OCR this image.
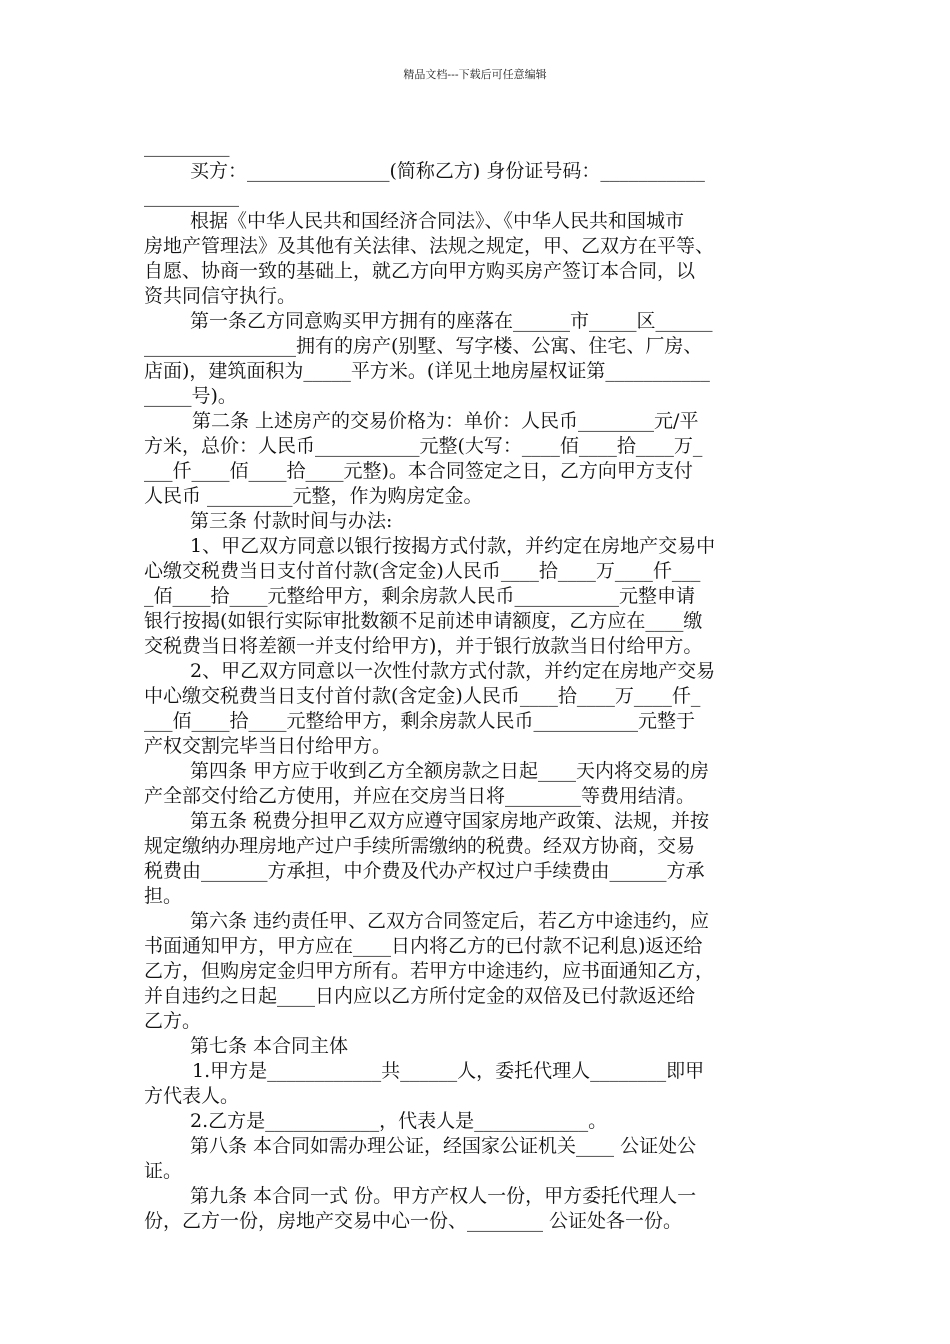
精品文档---下载后可任意编辑

_________

买方：_______________(简称乙方) 身份证号码：___________

__________

根据《中华人民共和国经济合同法》、《中华人民共和国城市

房地产管理法》及其他有关法律、法规之规定，甲、乙双方在平等、

自愿、协商一致的基础上，就乙方向甲方购买房产签订本合同，以

资共同信守执行。

第一条乙方同意购买甲方拥有的座落在______市_____区______

________________拥有的房产(别墅、写字楼、公寓、住宅、厂房、

店面)，建筑面积为_____平方米。(详见土地房屋权证第___________

_____号)。

第二条 上述房产的交易价格为：单价：人民币________元/平

方米，总价：人民币___________元整(大写：____佰____拾____万_

___仟____佰____拾____元整)。本合同签定之日，乙方向甲方支付

人民币 _________元整，作为购房定金。

第三条 付款时间与办法:

1、甲乙双方同意以银行按揭方式付款，并约定在房地产交易中

心缴交税费当日支付首付款(含定金)人民币____拾____万____仟___

_佰____拾____元整给甲方，剩余房款人民币___________元整申请

银行按揭(如银行实际审批数额不足前述申请额度，乙方应在____缴

交税费当日将差额一并支付给甲方)，并于银行放款当日付给甲方。

2、甲乙双方同意以一次性付款方式付款，并约定在房地产交易

中心缴交税费当日支付首付款(含定金)人民币____拾____万____仟_

___佰____拾____元整给甲方，剩余房款人民币___________元整于

产权交割完毕当日付给甲方。

第四条 甲方应于收到乙方全额房款之日起____天内将交易的房

产全部交付给乙方使用，并应在交房当日将________等费用结清。

第五条 税费分担甲乙双方应遵守国家房地产政策、法规，并按

规定缴纳办理房地产过户手续所需缴纳的税费。经双方协商，交易

税费由_______方承担，中介费及代办产权过户手续费由______方承

担。

第六条 违约责任甲、乙双方合同签定后，若乙方中途违约，应

书面通知甲方，甲方应在____日内将乙方的已付款不记利息)返还给

乙方，但购房定金归甲方所有。若甲方中途违约，应书面通知乙方，

并自违约之日起____日内应以乙方所付定金的双倍及已付款返还给

乙方。

第七条 本合同主体

1.甲方是____________共______人，委托代理人________即甲

方代表人。

2.乙方是____________，代表人是____________。

第八条 本合同如需办理公证，经国家公证机关____ 公证处公

证。

第九条 本合同一式 份。甲方产权人一份，甲方委托代理人一

份，乙方一份，房地产交易中心一份、________ 公证处各一份。
